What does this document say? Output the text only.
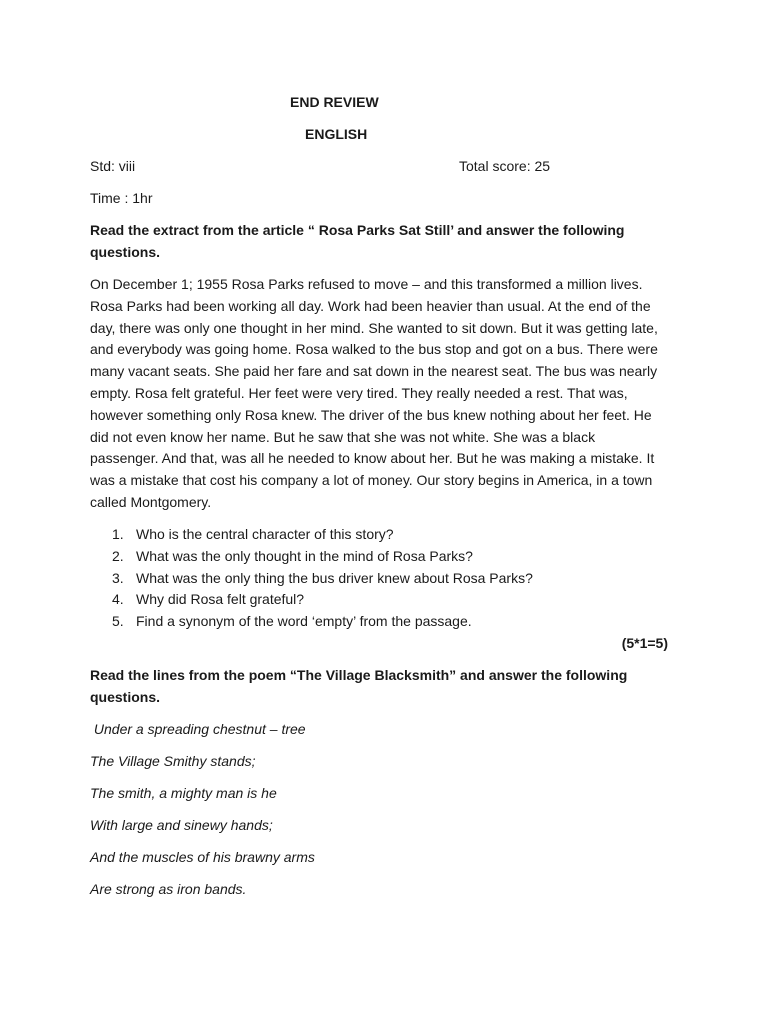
END REVIEW
ENGLISH
Std: viii	Total score: 25
Time : 1hr
Read the extract from the article “ Rosa Parks Sat Still’ and answer the following
questions.
On December 1; 1955 Rosa Parks refused to move – and this transformed a million lives.
Rosa Parks had been working all day. Work had been heavier than usual. At the end of the
day, there was only one thought in her mind. She wanted to sit down. But it was getting late,
and everybody was going home. Rosa walked to the bus stop and got on a bus. There were
many vacant seats. She paid her fare and sat down in the nearest seat. The bus was nearly
empty. Rosa felt grateful. Her feet were very tired. They really needed a rest. That was,
however something only Rosa knew. The driver of the bus knew nothing about her feet. He
did not even know her name. But he saw that she was not white. She was a black
passenger. And that, was all he needed to know about her. But he was making a mistake. It
was a mistake that cost his company a lot of money. Our story begins in America, in a town
called Montgomery.
1. Who is the central character of this story?
2. What was the only thought in the mind of Rosa Parks?
3. What was the only thing the bus driver knew about Rosa Parks?
4. Why did Rosa felt grateful?
5. Find a synonym of the word ‘empty’ from the passage.
(5*1=5)
Read the lines from the poem “The Village Blacksmith” and answer the following
questions.
Under a spreading chestnut – tree
The Village Smithy stands;
The smith, a mighty man is he
With large and sinewy hands;
And the muscles of his brawny arms
Are strong as iron bands.
